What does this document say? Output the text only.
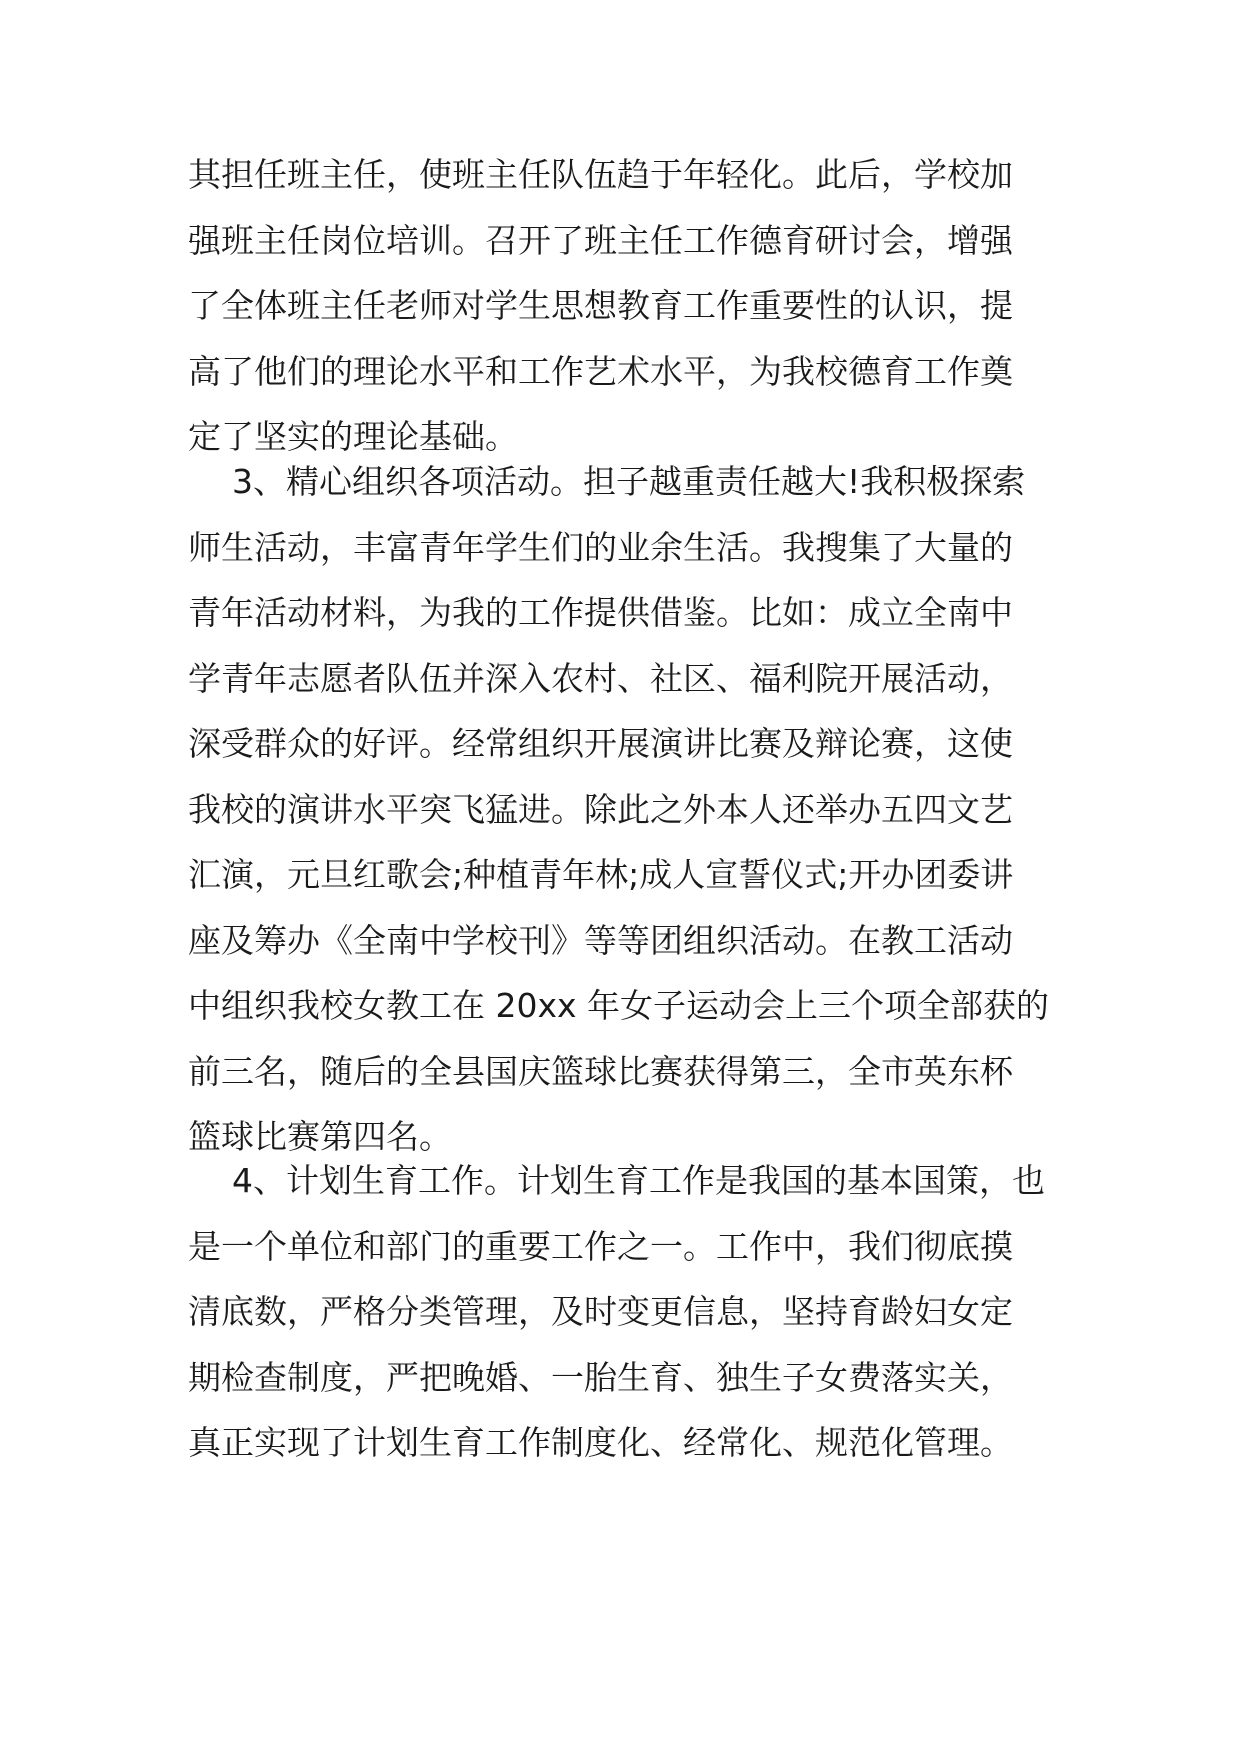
其担任班主任，使班主任队伍趋于年轻化。此后，学校加
强班主任岗位培训。召开了班主任工作德育研讨会，增强
了全体班主任老师对学生思想教育工作重要性的认识，提
高了他们的理论水平和工作艺术水平，为我校德育工作奠
定了坚实的理论基础。
3、精心组织各项活动。担子越重责任越大!我积极探索
师生活动，丰富青年学生们的业余生活。我搜集了大量的
青年活动材料，为我的工作提供借鉴。比如：成立全南中
学青年志愿者队伍并深入农村、社区、福利院开展活动，
深受群众的好评。经常组织开展演讲比赛及辩论赛，这使
我校的演讲水平突飞猛进。除此之外本人还举办五四文艺
汇演，元旦红歌会;种植青年林;成人宣誓仪式;开办团委讲
座及筹办《全南中学校刊》等等团组织活动。在教工活动
中组织我校女教工在 20xx 年女子运动会上三个项全部获的
前三名，随后的全县国庆篮球比赛获得第三，全市英东杯
篮球比赛第四名。
4、计划生育工作。计划生育工作是我国的基本国策，也
是一个单位和部门的重要工作之一。工作中，我们彻底摸
清底数，严格分类管理，及时变更信息，坚持育龄妇女定
期检查制度，严把晚婚、一胎生育、独生子女费落实关，
真正实现了计划生育工作制度化、经常化、规范化管理。
